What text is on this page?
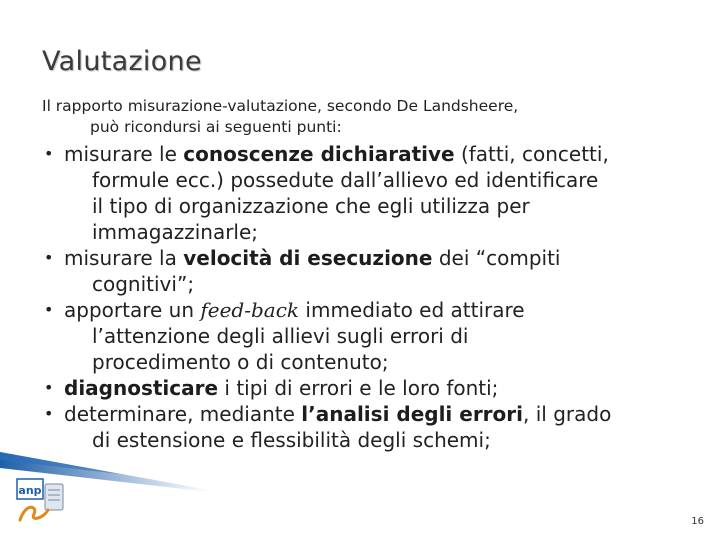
Valutazione

Il rapporto misurazione-valutazione, secondo De Landsheere,
può ricondursi ai seguenti punti:

• misurare le conoscenze dichiarative (fatti, concetti,
formule ecc.) possedute dall’allievo ed identificare
il tipo di organizzazione che egli utilizza per
immagazzinarle;
• misurare la velocità di esecuzione dei “compiti
cognitivi”;
• apportare un feed-back immediato ed attirare
l’attenzione degli allievi sugli errori di
procedimento o di contenuto;
• diagnosticare i tipi di errori e le loro fonti;
• determinare, mediante l’analisi degli errori, il grado
di estensione e flessibilità degli schemi;
anp
16
